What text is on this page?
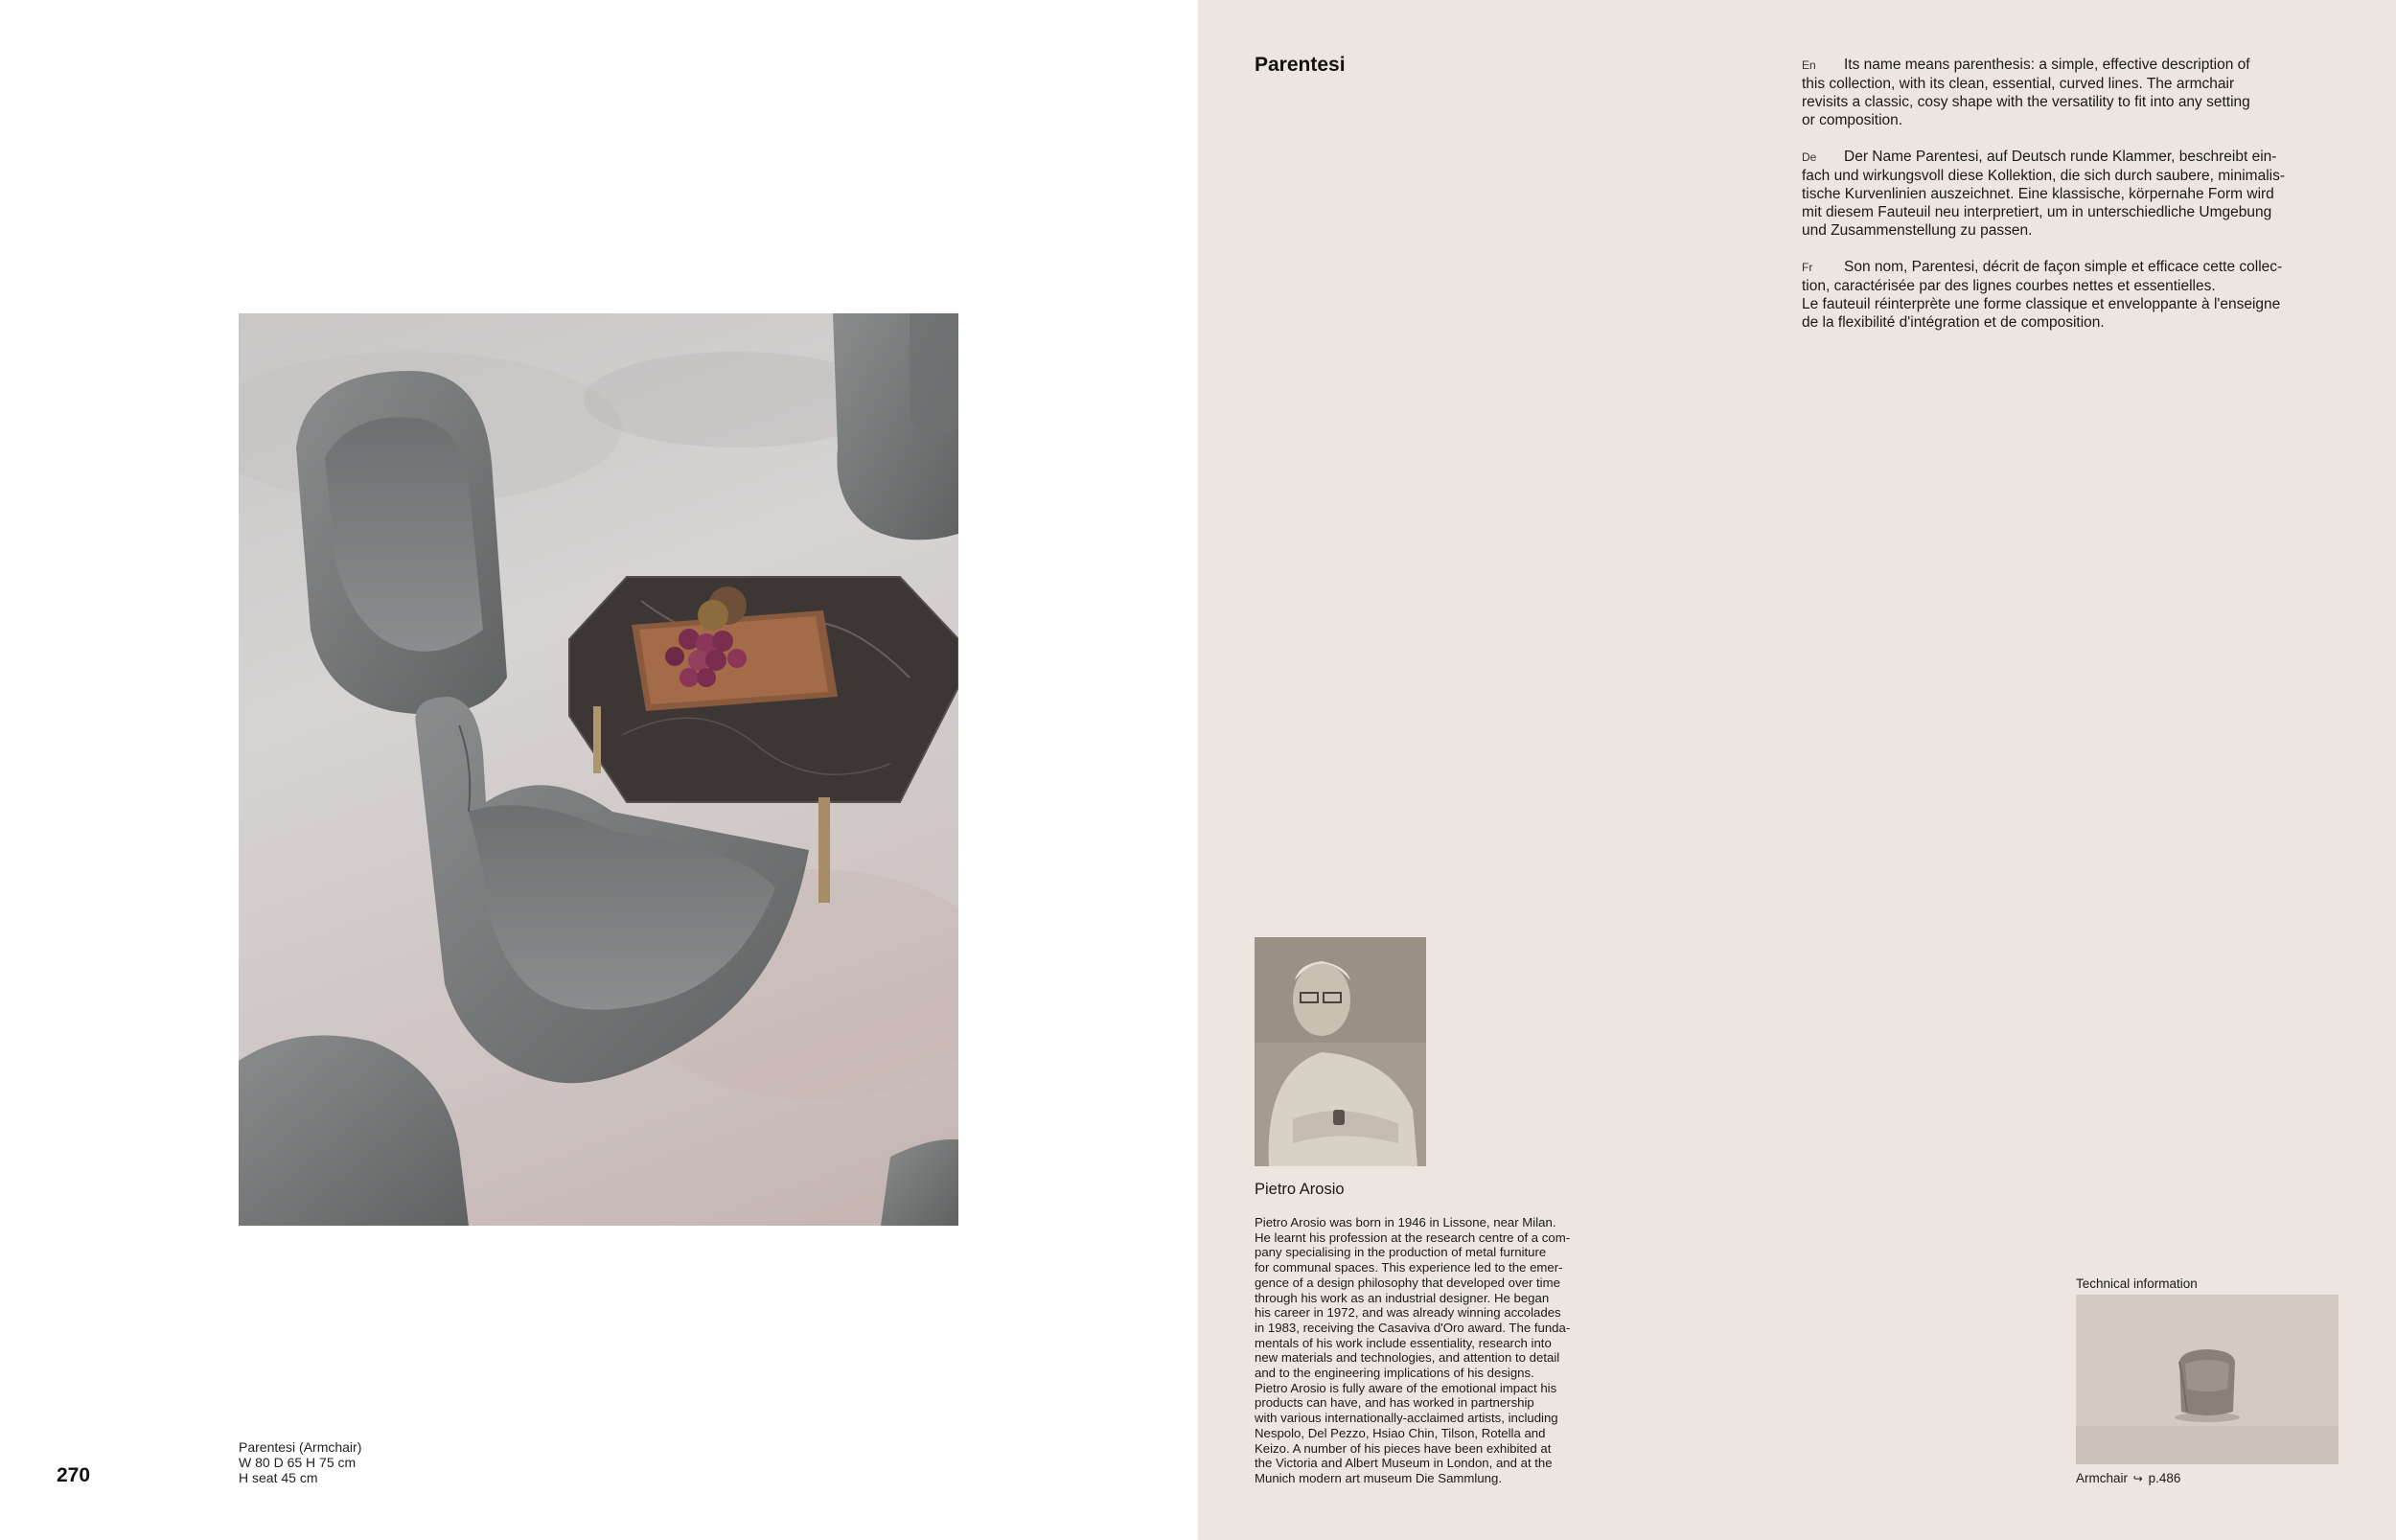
Parentesi (Armchair)
W 80 D 65 H 75 cm
H seat 45 cm
270
Parentesi	En Its name means parenthesis: a simple, effective description of
this collection, with its clean, essential, curved lines. The armchair
revisits a classic, cosy shape with the versatility to fit into any setting
or composition.

De Der Name Parentesi, auf Deutsch runde Klammer, beschreibt ein-
fach und wirkungsvoll diese Kollektion, die sich durch saubere, minimalis-
tische Kurvenlinien auszeichnet. Eine klassische, körpernahe Form wird
mit diesem Fauteuil neu interpretiert, um in unterschiedliche Umgebung
und Zusammenstellung zu passen.

Fr Son nom, Parentesi, décrit de façon simple et efficace cette collec-
tion, caractérisée par des lignes courbes nettes et essentielles.
Le fauteuil réinterprète une forme classique et enveloppante à l'enseigne
de la flexibilité d'intégration et de composition.

Pietro Arosio
Pietro Arosio was born in 1946 in Lissone, near Milan.
He learnt his profession at the research centre of a com-
pany specialising in the production of metal furniture
for communal spaces. This experience led to the emer-
gence of a design philosophy that developed over time
through his work as an industrial designer. He began
his career in 1972, and was already winning accolades
in 1983, receiving the Casaviva d'Oro award. The funda-
mentals of his work include essentiality, research into
new materials and technologies, and attention to detail
and to the engineering implications of his designs.
Pietro Arosio is fully aware of the emotional impact his
products can have, and has worked in partnership
with various internationally-acclaimed artists, including
Nespolo, Del Pezzo, Hsiao Chin, Tilson, Rotella and
Keizo. A number of his pieces have been exhibited at
the Victoria and Albert Museum in London, and at the
Munich modern art museum Die Sammlung.
Technical information
Armchair ↪ p.486
